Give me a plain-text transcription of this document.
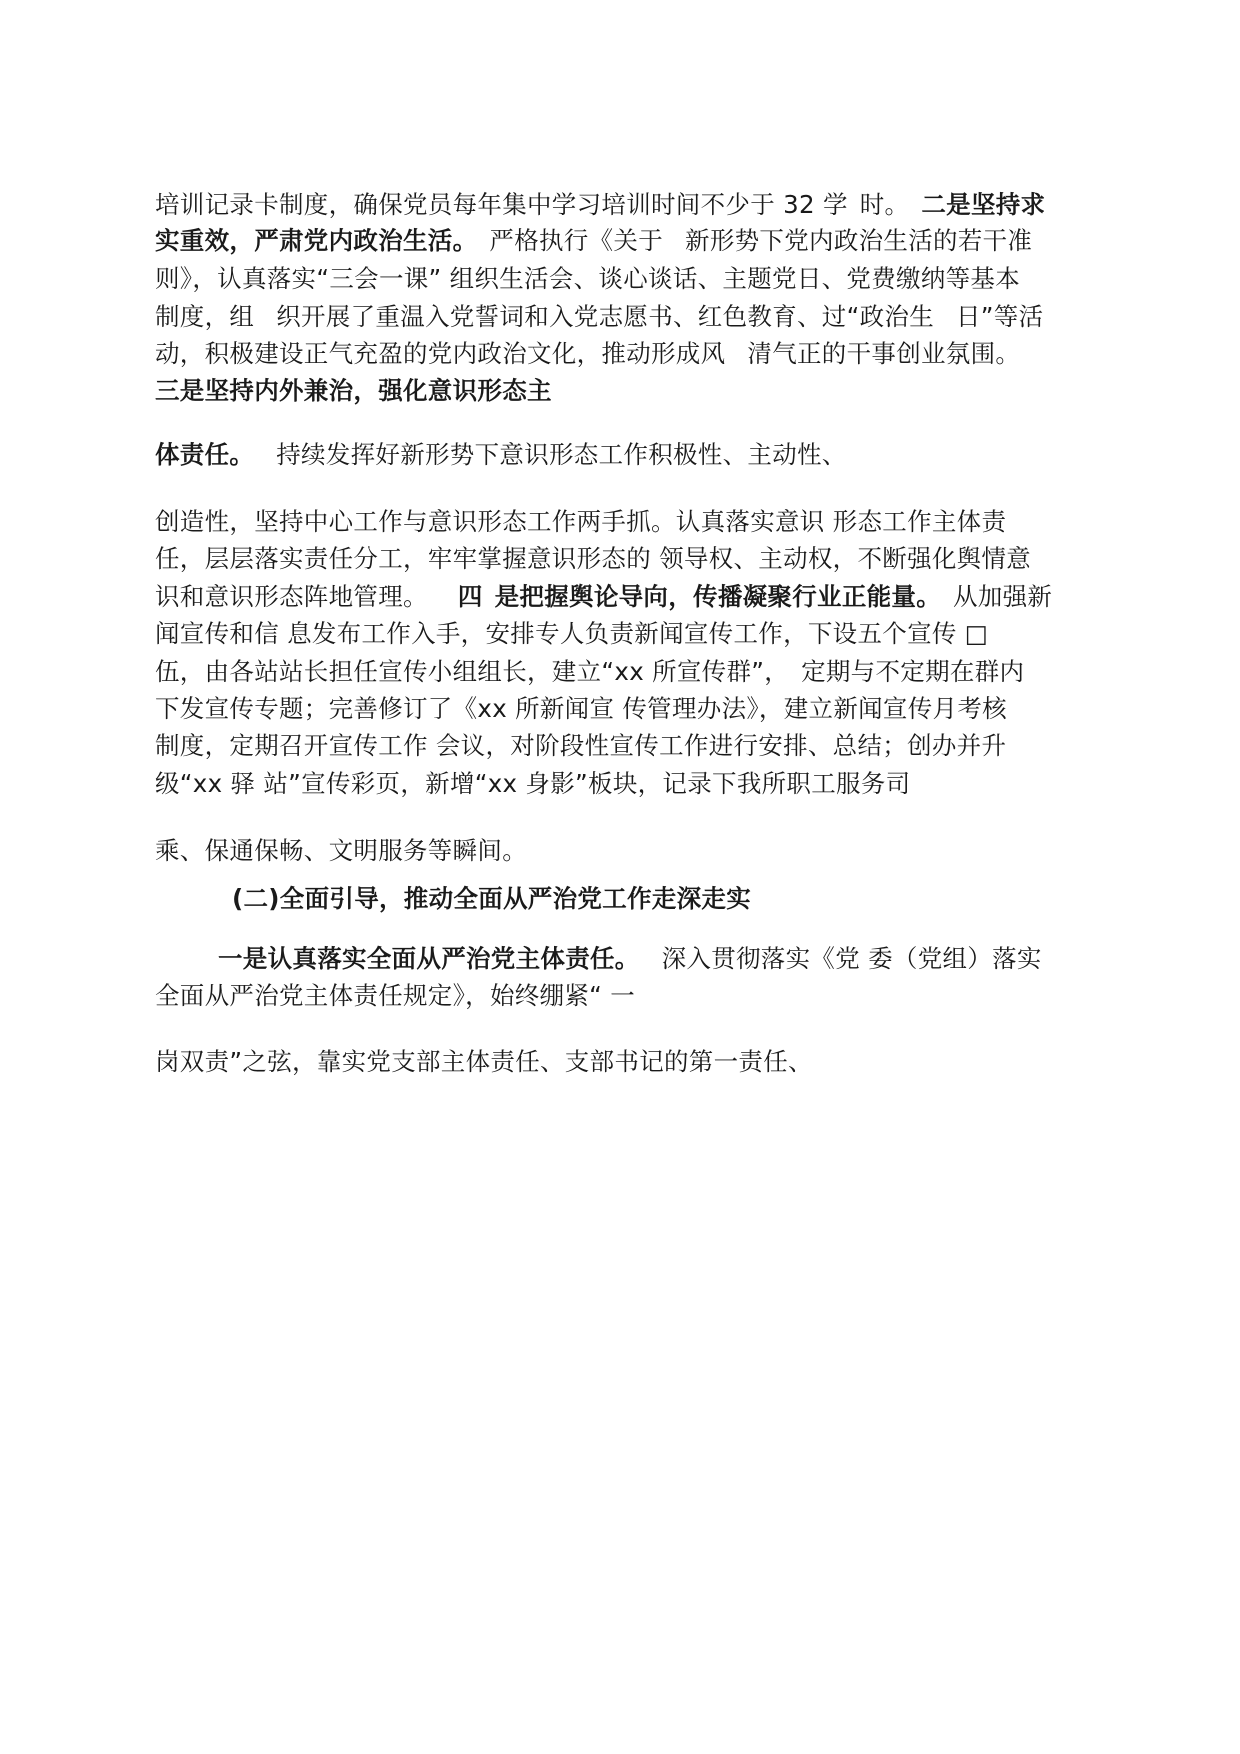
培训记录卡制度，确保党员每年集中学习培训时间不少于 32 学 时。 二是坚持求

实重效，严肃党内政治生活。 严格执行《关于 新形势下党内政治生活的若干准

则》，认真落实“三会一课” 组织生活会、谈心谈话、主题党日、党费缴纳等基本

制度，组 织开展了重温入党誓词和入党志愿书、红色教育、过“政治生 日”等活

动，积极建设正气充盈的党内政治文化，推动形成风 清气正的干事创业氛围。

三是坚持内外兼治，强化意识形态主

体责任。 持续发挥好新形势下意识形态工作积极性、主动性、

创造性，坚持中心工作与意识形态工作两手抓。认真落实意识 形态工作主体责

任，层层落实责任分工，牢牢掌握意识形态的 领导权、主动权，不断强化舆情意

识和意识形态阵地管理。 四 是把握舆论导向，传播凝聚行业正能量。 从加强新

闻宣传和信 息发布工作入手，安排专人负责新闻宣传工作，下设五个宣传 □

伍，由各站站长担任宣传小组组长，建立“xx 所宣传群”， 定期与不定期在群内

下发宣传专题；完善修订了《xx 所新闻宣 传管理办法》，建立新闻宣传月考核

制度，定期召开宣传工作 会议，对阶段性宣传工作进行安排、总结；创办并升

级“xx 驿 站”宣传彩页，新增“xx 身影”板块，记录下我所职工服务司

乘、保通保畅、文明服务等瞬间。

(二)全面引导，推动全面从严治党工作走深走实

一是认真落实全面从严治党主体责任。 深入贯彻落实《党 委（党组）落实

全面从严治党主体责任规定》，始终绷紧“ 一

岗双责”之弦，靠实党支部主体责任、支部书记的第一责任、
